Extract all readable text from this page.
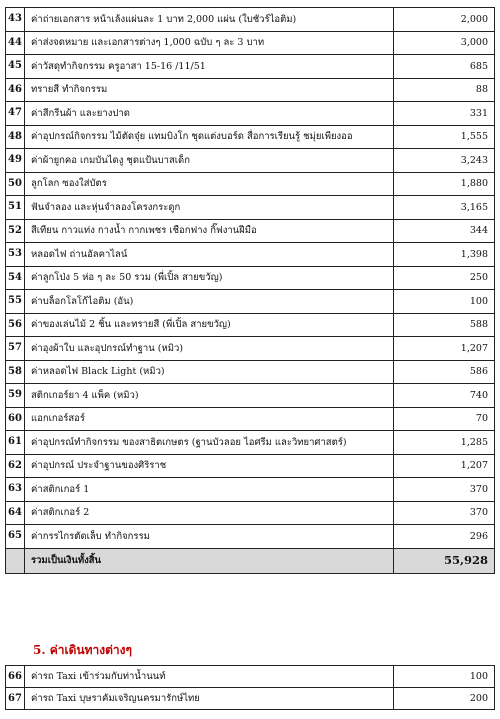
43	ค่าถ่ายเอกสาร หน้าเล้งแผ่นละ 1 บาท 2,000 แผ่น (ใบชัวร์ไอติม)	2,000
44	ค่าส่งจดหมาย และเอกสารต่างๆ 1,000 ฉบับ ๆ ละ 3 บาท	3,000
45	ค่าวัสดุทำกิจกรรม ครูอาสา 15-16 /11/51	685
46	ทรายสี ทำกิจกรรม	88
47	ค่าสีกรีนผ้า และยางปาด	331
48	ค่าอุปกรณ์กิจกรรม ไม้ตัดจุ๋ย แทมบิงโก ชุดแต่งบอร์ด สื่อการเรียนรู้ ชมุ่ยเพียงออ	1,555
49	ค่าผ้ายูกคอ เกมบันไดงู ชุดแป้นบาสเด็ก	3,243
50	ลูกโลก ซองใส่บัตร	1,880
51	ฟันจำลอง และหุ่นจำลองโครงกระดูก	3,165
52	สีเทียน กาวแท่ง กางน้ำ กากเพชร เชือกฟาง กิ๊ฟงานฝีมือ	344
53	หลอดไฟ ถ่านอัลคาไลน์	1,398
54	ค่าลูกโป่ง 5 ห่อ ๆ ละ 50 รวม (พี่เปิ้ล สายขวัญ)	250
55	ค่าบล็อกโลโก้ไอติม (อัน)	100
56	ค่าของเล่นไม้ 2 ชิ้น และทรายสี (พี่เปิ้ล สายขวัญ)	588
57	ค่าอุงผ้าใบ และอุปกรณ์ทำฐาน (หมิว)	1,207
58	ค่าหลอดไฟ Black Light (หมิว)	586
59	สติกเกอร์ยา 4 แพ็ค (หมิว)	740
60	แอกเกอร์สอร์	70
61	ค่าอุปกรณ์ทำกิจกรรม ของสาธิตเกษตร (ฐานบัวลอย ไอศรีม และวิทยาศาสตร์)	1,285
62	ค่าอุปกรณ์ ประจำฐานของศิริราช	1,207
63	ค่าสติกเกอร์ 1	370
64	ค่าสติกเกอร์ 2	370
65	ค่ากรรไกรตัดเล็บ ทำกิจกรรม	296
	รวมเป็นเงินทั้งสิ้น	55,928
5. ค่าเดินทางต่างๆ
66	ค่ารถ Taxi เข้าร่วมกับท่าน้ำนนท์	100
67	ค่ารถ Taxi บุษราคัมเจริญนครมารักษ์ไทย	200
